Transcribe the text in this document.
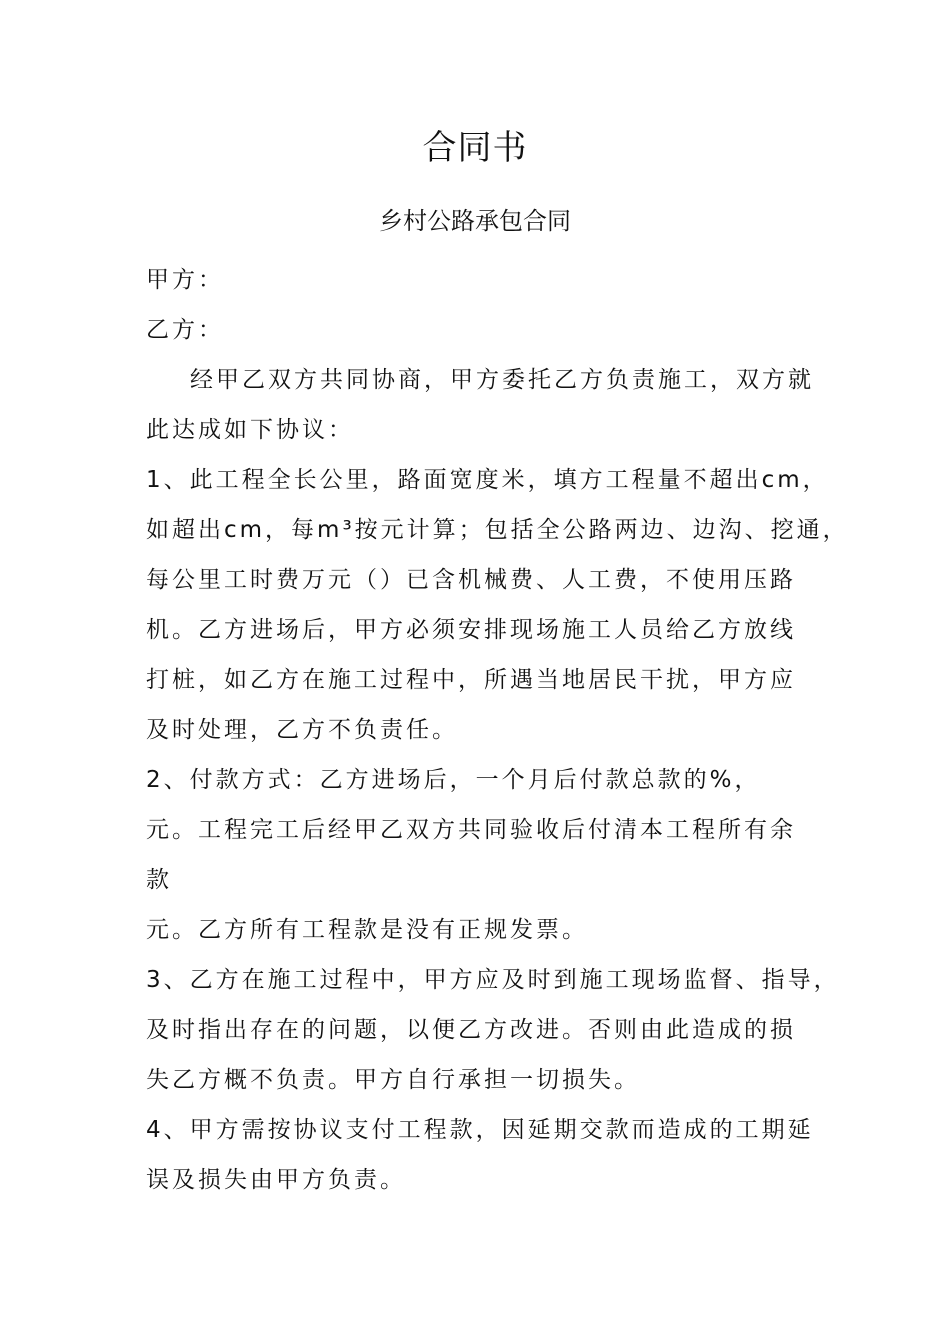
合同书
乡村公路承包合同

甲方：

乙方：

经甲乙双方共同协商，甲方委托乙方负责施工，双方就

此达成如下协议：

1、此工程全长公里，路面宽度米，填方工程量不超出cm，

如超出cm，每m³按元计算；包括全公路两边、边沟、挖通，

每公里工时费万元（）已含机械费、人工费，不使用压路

机。乙方进场后，甲方必须安排现场施工人员给乙方放线

打桩，如乙方在施工过程中，所遇当地居民干扰，甲方应

及时处理，乙方不负责任。

2、付款方式：乙方进场后，一个月后付款总款的%，

元。工程完工后经甲乙双方共同验收后付清本工程所有余

款

元。乙方所有工程款是没有正规发票。

3、乙方在施工过程中，甲方应及时到施工现场监督、指导，

及时指出存在的问题，以便乙方改进。否则由此造成的损

失乙方概不负责。甲方自行承担一切损失。

4、甲方需按协议支付工程款，因延期交款而造成的工期延

误及损失由甲方负责。
